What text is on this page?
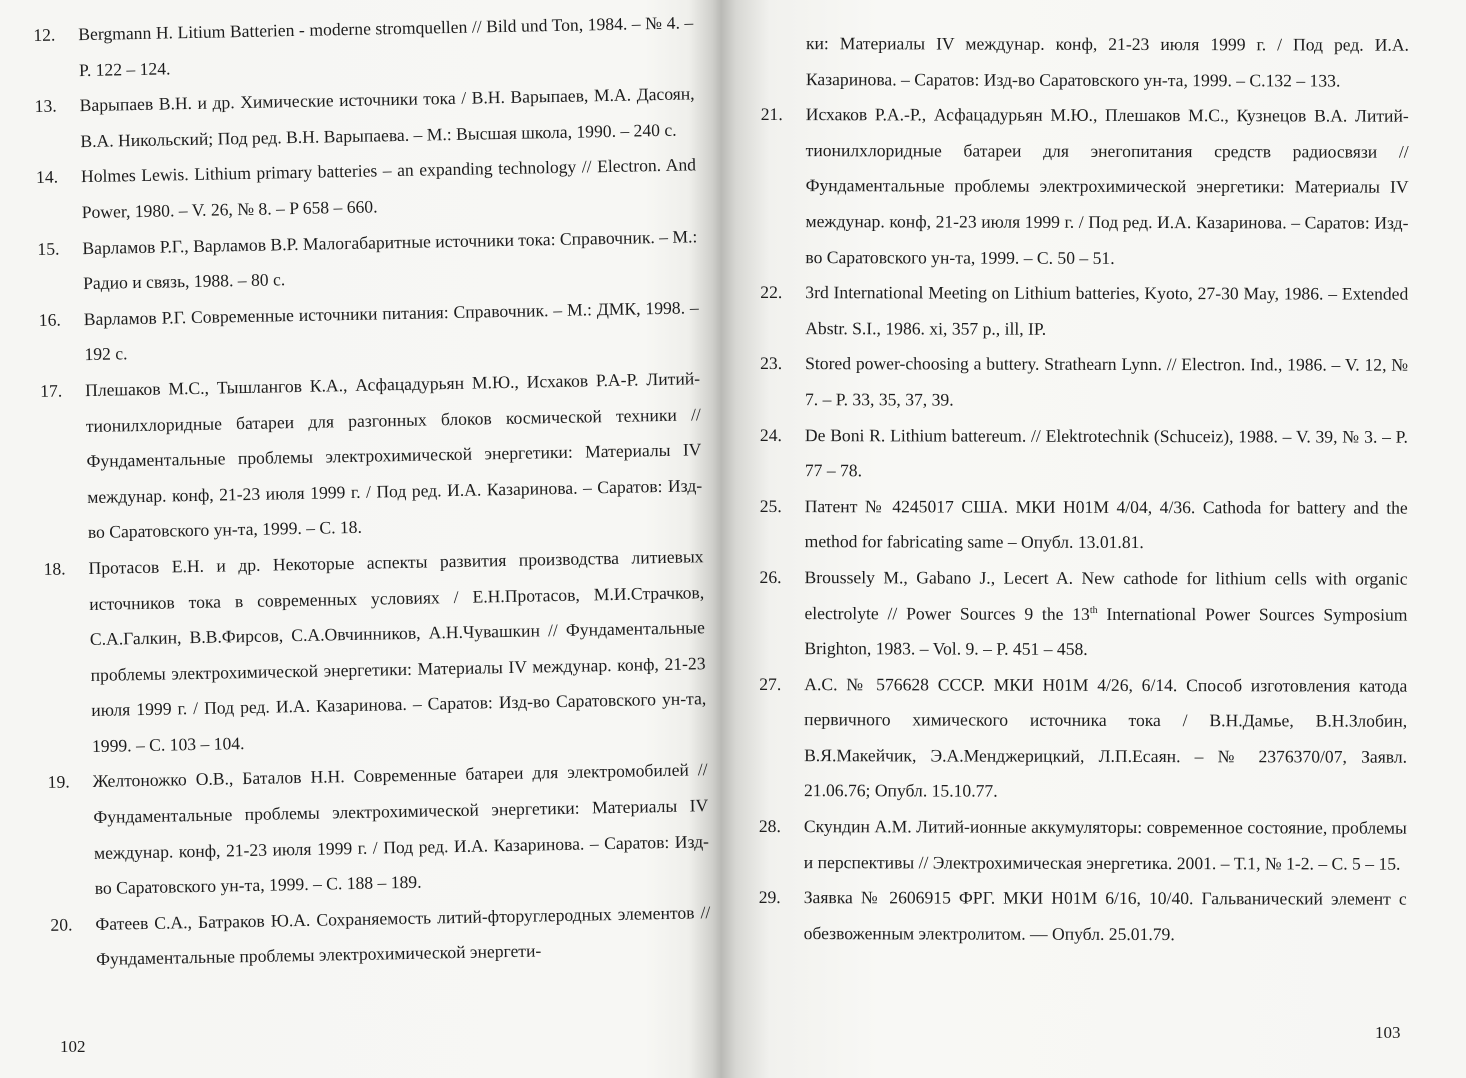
12. Bergmann H. Litium Batterien - moderne stromquellen // Bild und Ton, 1984. – № 4. – P. 122 – 124.

13. Варыпаев В.Н. и др. Химические источники тока / В.Н. Варыпаев, М.А. Дасоян, В.А. Никольский; Под ред. В.Н. Варыпаева. – М.: Высшая школа, 1990. – 240 с.

14. Holmes Lewis. Lithium primary batteries – an expanding technology // Electron. And Power, 1980. – V. 26, № 8. – P 658 – 660.

15. Варламов Р.Г., Варламов В.Р. Малогабаритные источники тока: Справочник. – М.: Радио и связь, 1988. – 80 с.

16. Варламов Р.Г. Современные источники питания: Справочник. – М.: ДМК, 1998. – 192 с.

17. Плешаков М.С., Тышлангов К.А., Асфацадурьян М.Ю., Исхаков Р.А-Р. Литий-тионилхлоридные батареи для разгонных блоков космической техники // Фундаментальные проблемы электрохимической энергетики: Материалы IV междунар. конф, 21-23 июля 1999 г. / Под ред. И.А. Казаринова. – Саратов: Изд-во Саратовского ун-та, 1999. – С. 18.

18. Протасов Е.Н. и др. Некоторые аспекты развития производства литиевых источников тока в современных условиях / Е.Н.Протасов, М.И.Страчков, С.А.Галкин, В.В.Фирсов, С.А.Овчинников, А.Н.Чувашкин // Фундаментальные проблемы электрохимической энергетики: Материалы IV междунар. конф, 21-23 июля 1999 г. / Под ред. И.А. Казаринова. – Саратов: Изд-во Саратовского ун-та, 1999. – С. 103 – 104.

19. Желтоножко О.В., Баталов Н.Н. Современные батареи для электромобилей // Фундаментальные проблемы электрохимической энергетики: Материалы IV междунар. конф, 21-23 июля 1999 г. / Под ред. И.А. Казаринова. – Саратов: Изд-во Саратовского ун-та, 1999. – С. 188 – 189.

20. Фатеев С.А., Батраков Ю.А. Сохраняемость литий-фторуглеродных элементов // Фундаментальные проблемы электрохимической энергети-

102

ки: Материалы IV междунар. конф, 21-23 июля 1999 г. / Под ред. И.А. Казаринова. – Саратов: Изд-во Саратовского ун-та, 1999. – С.132 – 133.

21. Исхаков Р.А.-Р., Асфацадурьян М.Ю., Плешаков М.С., Кузнецов В.А. Литий-тионилхлоридные батареи для энегопитания средств радиосвязи // Фундаментальные проблемы электрохимической энергетики: Материалы IV междунар. конф, 21-23 июля 1999 г. / Под ред. И.А. Казаринова. – Саратов: Изд-во Саратовского ун-та, 1999. – С. 50 – 51.

22. 3rd International Meeting on Lithium batteries, Kyoto, 27-30 May, 1986. – Extended Abstr. S.I., 1986. xi, 357 p., ill, IP.

23. Stored power-choosing a buttery. Strathearn Lynn. // Electron. Ind., 1986. – V. 12, № 7. – P. 33, 35, 37, 39.

24. De Boni R. Lithium battereum. // Elektrotechnik (Schuceiz), 1988. – V. 39, № 3. – P. 77 – 78.

25. Патент № 4245017 США. МКИ H01M 4/04, 4/36. Cathoda for battery and the method for fabricating same – Опубл. 13.01.81.

26. Broussely M., Gabano J., Lecert A. New cathode for lithium cells with organic electrolyte // Power Sources 9 the 13th International Power Sources Symposium Brighton, 1983. – Vol. 9. – P. 451 – 458.

27. А.С. № 576628 СССР. МКИ H01M 4/26, 6/14. Способ изготовления катода первичного химического источника тока / В.Н.Дамье, В.Н.Злобин, В.Я.Макейчик, Э.А.Менджерицкий, Л.П.Есаян. – № 2376370/07, Заявл. 21.06.76; Опубл. 15.10.77.

28. Скундин А.М. Литий-ионные аккумуляторы: современное состояние, проблемы и перспективы // Электрохимическая энергетика. 2001. – Т.1, № 1-2. – С. 5 – 15.

29. Заявка № 2606915 ФРГ. МКИ H01M 6/16, 10/40. Гальванический элемент с обезвоженным электролитом. — Опубл. 25.01.79.

103
